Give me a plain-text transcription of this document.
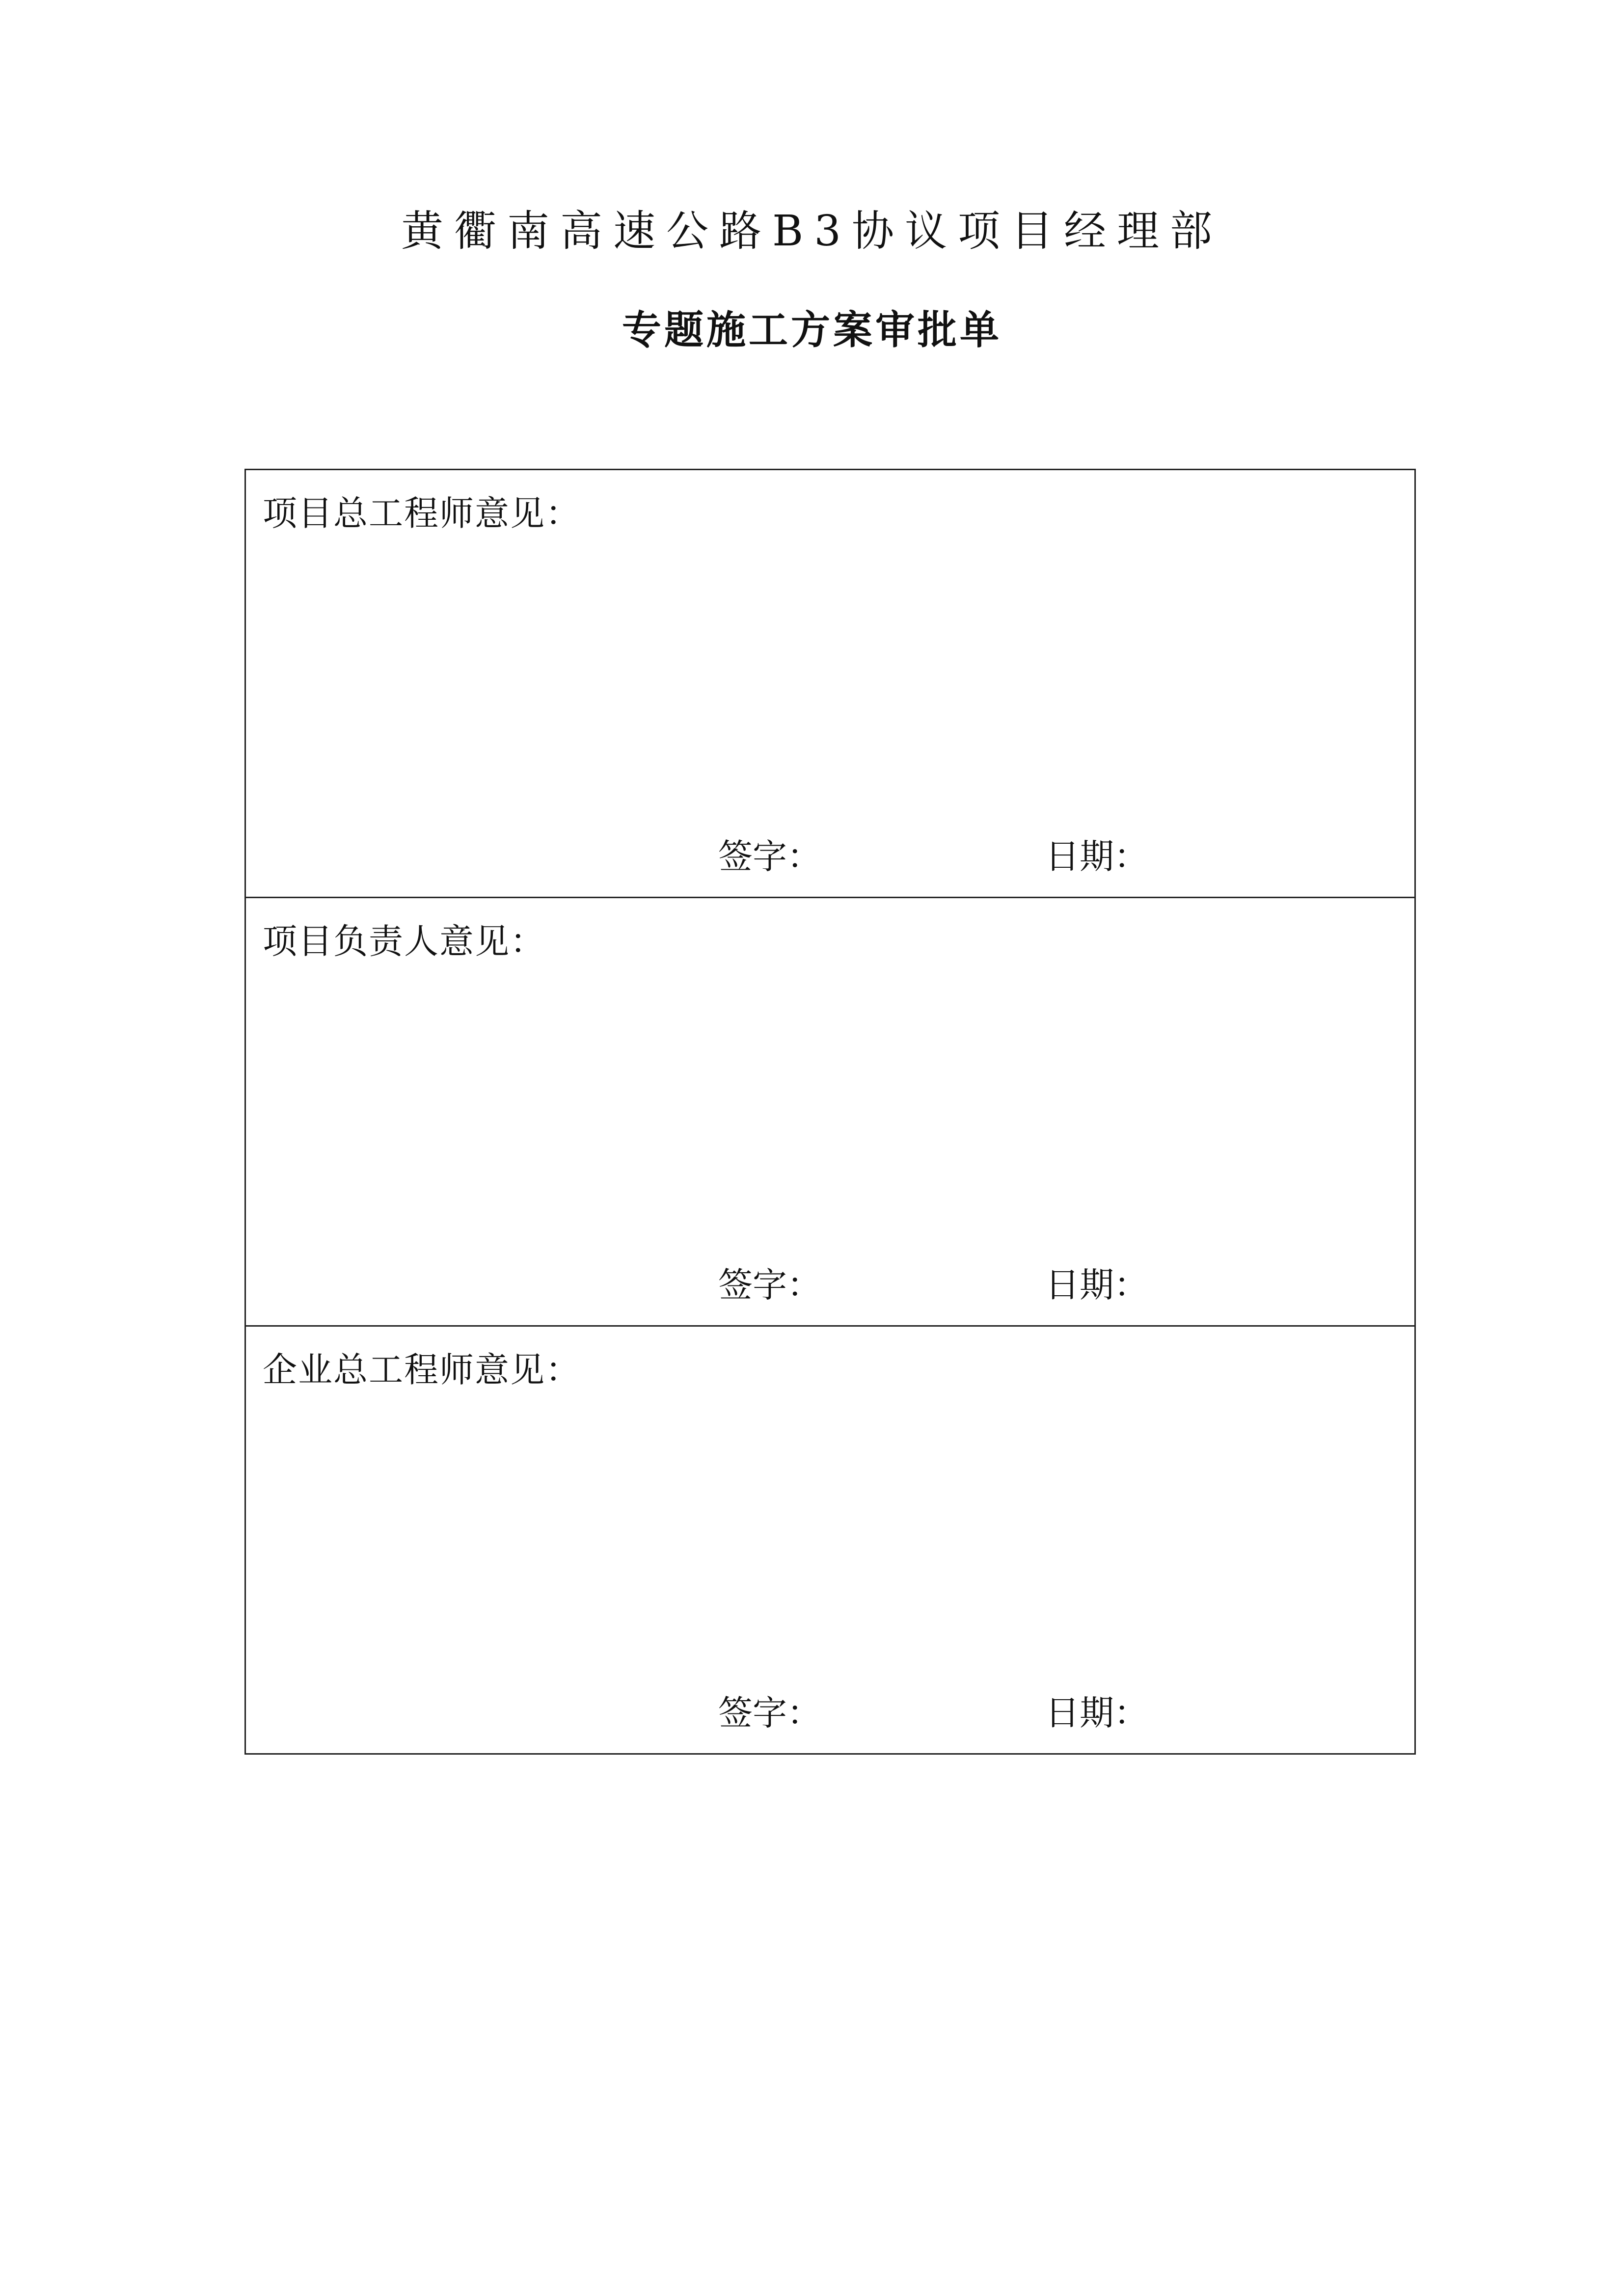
黄衢南高速公路B3协议项目经理部
专题施工方案审批单
项目总工程师意见：
签字：	日期：
项目负责人意见：
签字：	日期：
企业总工程师意见：
签字：	日期：
